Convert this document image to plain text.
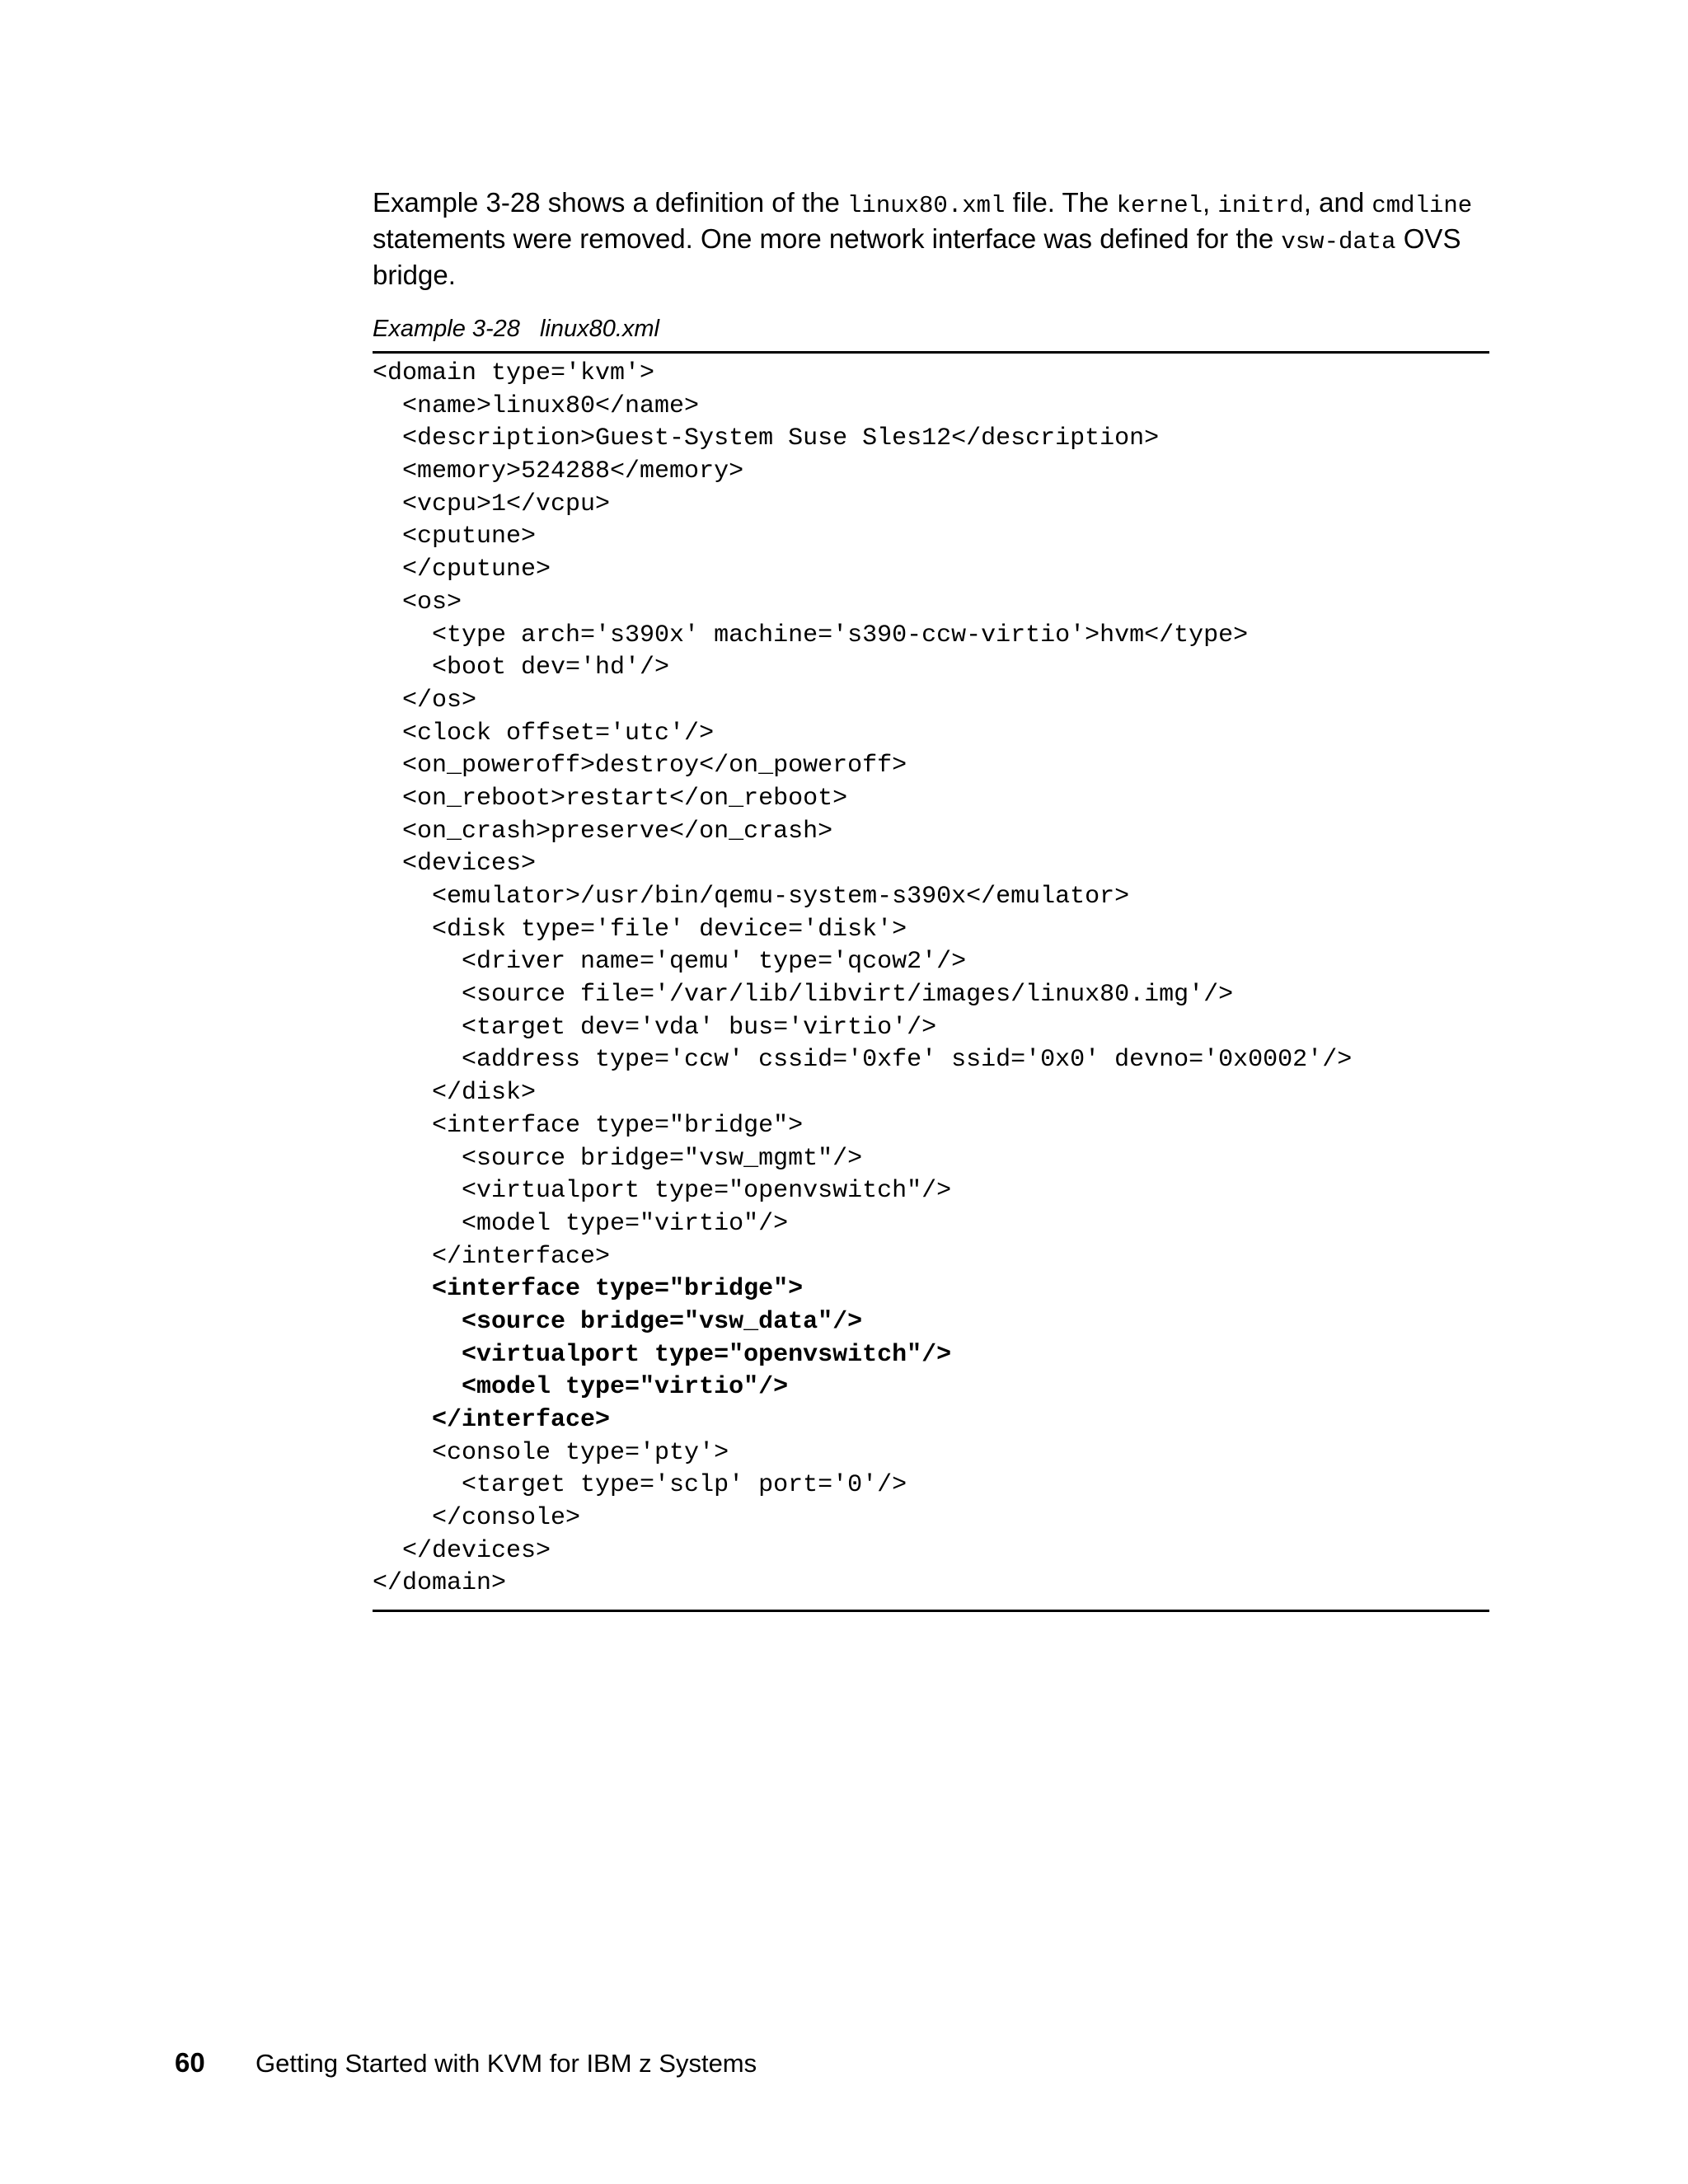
Example 3-28 shows a definition of the linux80.xml file. The kernel, initrd, and cmdline statements were removed. One more network interface was defined for the vsw-data OVS bridge.

Example 3-28 linux80.xml
<domain type='kvm'>
<name>linux80</name>
<description>Guest-System Suse Sles12</description>
<memory>524288</memory>
<vcpu>1</vcpu>
<cputune>
</cputune>
<os>
<type arch='s390x' machine='s390-ccw-virtio'>hvm</type>
<boot dev='hd'/>
</os>
<clock offset='utc'/>
<on_poweroff>destroy</on_poweroff>
<on_reboot>restart</on_reboot>
<on_crash>preserve</on_crash>
<devices>
<emulator>/usr/bin/qemu-system-s390x</emulator>
<disk type='file' device='disk'>
<driver name='qemu' type='qcow2'/>
<source file='/var/lib/libvirt/images/linux80.img'/>
<target dev='vda' bus='virtio'/>
<address type='ccw' cssid='0xfe' ssid='0x0' devno='0x0002'/>
</disk>
<interface type="bridge">
<source bridge="vsw_mgmt"/>
<virtualport type="openvswitch"/>
<model type="virtio"/>
</interface>
<interface type="bridge">
<source bridge="vsw_data"/>
<virtualport type="openvswitch"/>
<model type="virtio"/>
</interface>
<console type='pty'>
<target type='sclp' port='0'/>
</console>
</devices>
</domain>
60 Getting Started with KVM for IBM z Systems
